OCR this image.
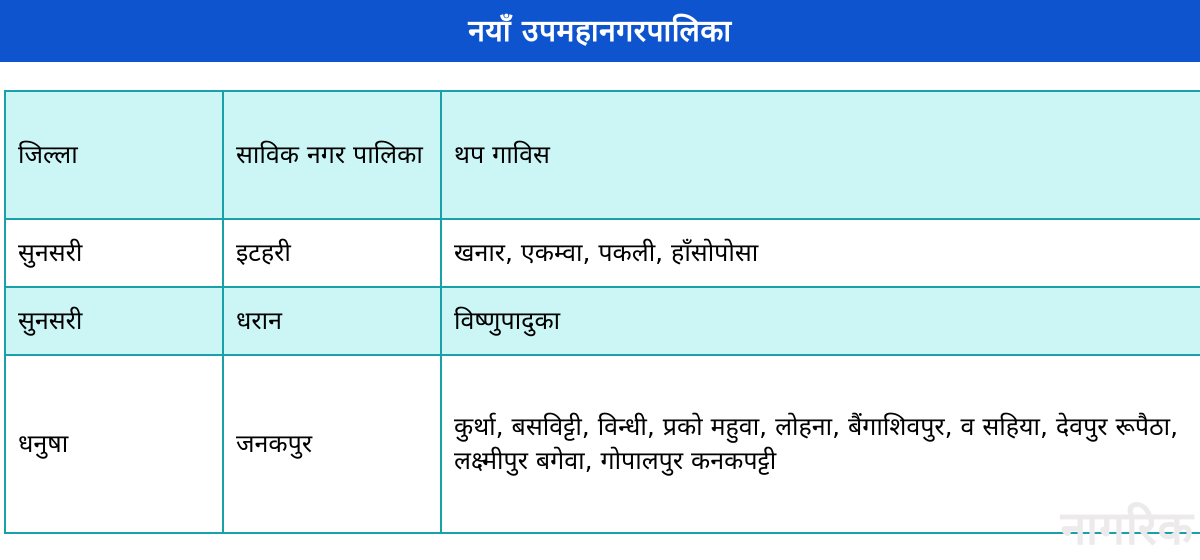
नयाँ उपमहानगरपालिका
जिल्ला	साविक नगर पालिका	थप गाविस
सुनसरी	इटहरी	खनार, एकम्वा, पकली, हाँसोपोसा
सुनसरी	धरान	विष्णुपादुका
धनुषा	जनकपुर	कुर्था, बसविट्टी, विन्धी, प्रको महुवा, लोहना, बैंगाशिवपुर, व सहिया, देवपुर रूपैठा, लक्ष्मीपुर बगेवा, गोपालपुर कनकपट्टी
नागरिक
